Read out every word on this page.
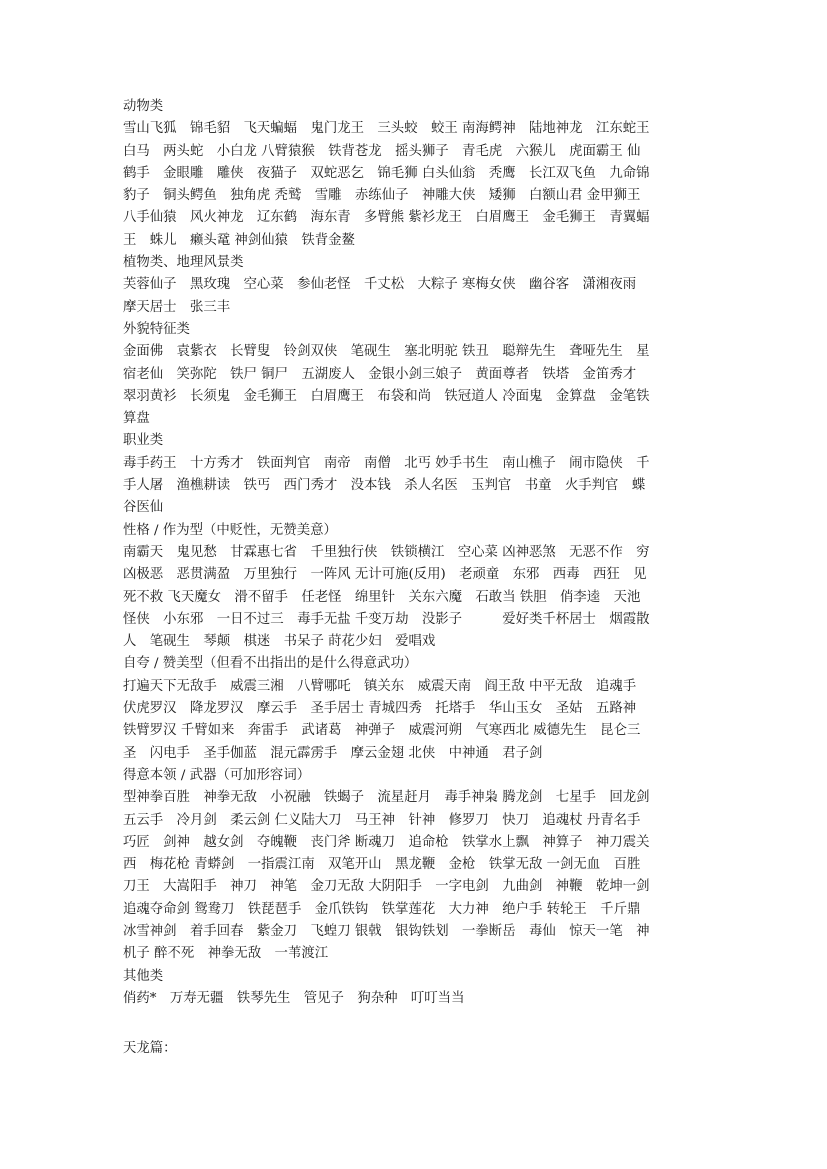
动物类
雪山飞狐　锦毛貂　飞天蝙蝠　鬼门龙王　三头蛟　蛟王 南海鳄神　陆地神龙　江东蛇王
白马　两头蛇　小白龙 八臂猿猴　铁背苍龙　摇头狮子　青毛虎　六猴儿　虎面霸王 仙
鹤手　金眼雕　雕侠　夜猫子　双蛇恶乞　锦毛狮 白头仙翁　秃鹰　长江双飞鱼　九命锦
豹子　铜头鳄鱼　独角虎 秃鹫　雪雕　赤练仙子　神雕大侠　矮狮　白额山君 金甲狮王
八手仙猿　风火神龙　辽东鹤　海东青　多臂熊 紫衫龙王　白眉鹰王　金毛狮王　青翼蝠
王　蛛儿　癞头鼋 神剑仙猿　铁背金鳌
植物类、地理风景类
芙蓉仙子　黑玫瑰　空心菜　参仙老怪　千丈松　大粽子 寒梅女侠　幽谷客　潇湘夜雨
摩天居士　张三丰
外貌特征类
金面佛　袁紫衣　长臂叟　铃剑双侠　笔砚生　塞北明驼 铁丑　聪辩先生　聋哑先生　星
宿老仙　笑弥陀　铁尸 铜尸　五湖废人　金银小剑三娘子　黄面尊者　铁塔　金笛秀才
翠羽黄衫　长须鬼　金毛狮王　白眉鹰王　布袋和尚　铁冠道人 冷面鬼　金算盘　金笔铁
算盘
职业类
毒手药王　十方秀才　铁面判官　南帝　南僧　北丐 妙手书生　南山樵子　闹市隐侠　千
手人屠　渔樵耕读　铁丐　西门秀才　没本钱　杀人名医　玉判官　书童　火手判官　蝶
谷医仙
性格 / 作为型（中贬性，无赞美意）
南霸天　鬼见愁　甘霖惠七省　千里独行侠　铁锁横江　空心菜 凶神恶煞　无恶不作　穷
凶极恶　恶贯满盈　万里独行　一阵风 无计可施(反用)　老顽童　东邪　西毒　西狂　见
死不救 飞天魔女　滑不留手　任老怪　绵里针　关东六魔　石敢当 铁胆　俏李逵　天池
怪侠　小东邪　一日不过三　毒手无盐 千变万劫　没影子　　　爱好类千杯居士　烟霞散
人　笔砚生　琴颠　棋迷　书呆子 莳花少妇　爱唱戏
自夸 / 赞美型（但看不出指出的是什么得意武功）
打遍天下无敌手　威震三湘　八臂哪吒　镇关东　威震天南　阎王敌 中平无敌　追魂手
伏虎罗汉　降龙罗汉　摩云手　圣手居士 青城四秀　托塔手　华山玉女　圣姑　五路神
铁臂罗汉 千臂如来　奔雷手　武诸葛　神弹子　威震河朔　气寒西北 威德先生　昆仑三
圣　闪电手　圣手伽蓝　混元霹雳手　摩云金翅 北侠　中神通　君子剑
得意本领 / 武器（可加形容词）
型神拳百胜　神拳无敌　小祝融　铁蝎子　流星赶月　毒手神枭 腾龙剑　七星手　回龙剑
五云手　冷月剑　柔云剑 仁义陆大刀　马王神　针神　修罗刀　快刀　追魂杖 丹青名手
巧匠　剑神　越女剑　夺魄鞭　丧门斧 断魂刀　追命枪　铁掌水上飘　神算子　神刀震关
西　梅花枪 青蟒剑　一指震江南　双笔开山　黑龙鞭　金枪　铁掌无敌 一剑无血　百胜
刀王　大嵩阳手　神刀　神笔　金刀无敌 大阴阳手　一字电剑　九曲剑　神鞭　乾坤一剑
追魂夺命剑 鸳鸯刀　铁琵琶手　金爪铁钩　铁掌莲花　大力神　绝户手 转轮王　千斤鼎
冰雪神剑　着手回春　紫金刀　飞蝗刀 银戟　银钩铁划　一拳断岳　毒仙　惊天一笔　神
机子 醉不死　神拳无敌　一苇渡江
其他类
俏药*　万寿无疆　铁琴先生　管见子　狗杂种　叮叮当当
天龙篇：
